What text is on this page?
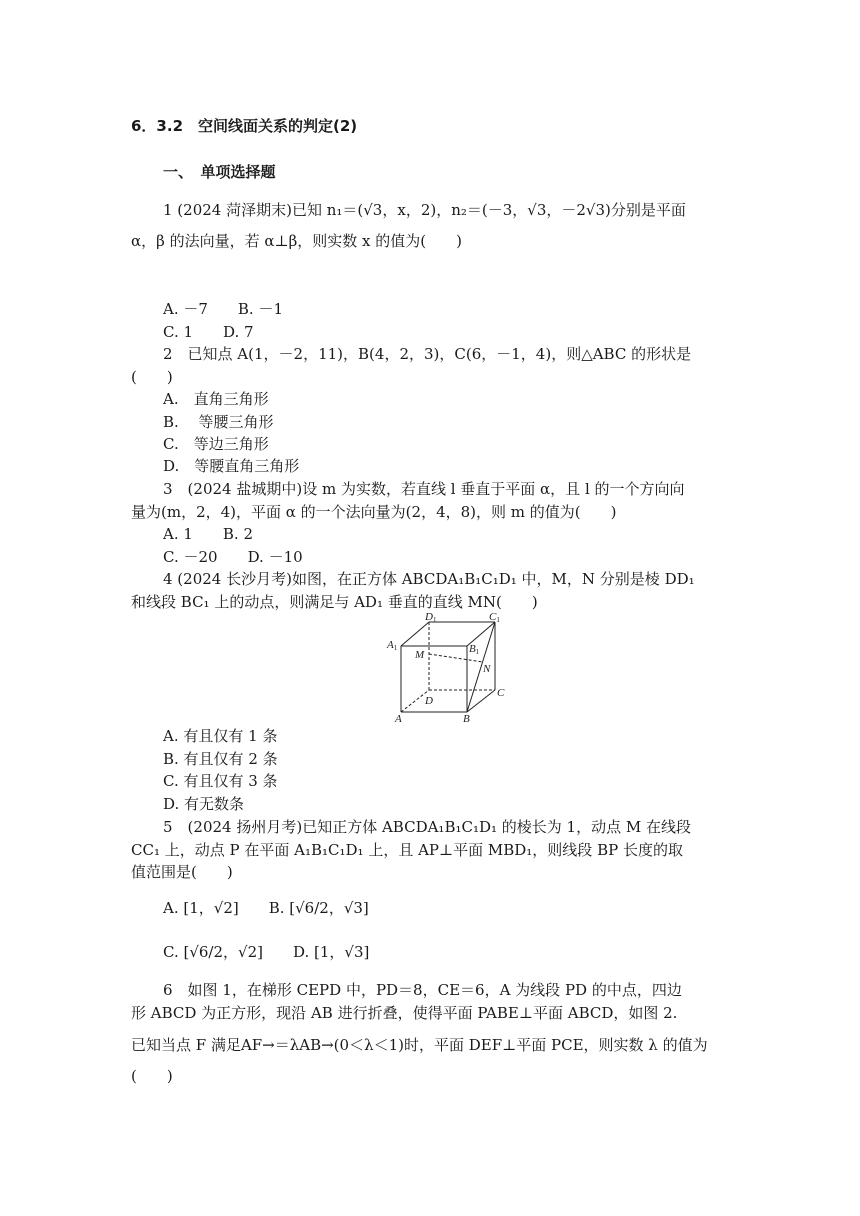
6．3.2　空间线面关系的判定(2)
一、　单项选择题
1 (2024 菏泽期末)已知 n₁＝(√3，x，2)，n₂＝(－3，√3，－2√3)分别是平面
α，β 的法向量，若 α⊥β，则实数 x 的值为(　　)
A. －7　　B. －1
C. 1　　D. 7
2　已知点 A(1，－2，11)，B(4，2，3)，C(6，－1，4)，则△ABC 的形状是
(　　)
A.　直角三角形
B.　 等腰三角形
C.　等边三角形
D.　等腰直角三角形
3　(2024 盐城期中)设 m 为实数，若直线 l 垂直于平面 α，且 l 的一个方向向
量为(m，2，4)，平面 α 的一个法向量为(2，4，8)，则 m 的值为(　　)
A. 1　　B. 2
C. －20　　D. －10
4 (2024 长沙月考)如图，在正方体 ABCDA₁B₁C₁D₁ 中，M，N 分别是棱 DD₁
和线段 BC₁ 上的动点，则满足与 AD₁ 垂直的直线 MN(　　)
A1
D1	C1
B1
M
N
C
D
A	B
A. 有且仅有 1 条
B. 有且仅有 2 条
C. 有且仅有 3 条
D. 有无数条
5　(2024 扬州月考)已知正方体 ABCDA₁B₁C₁D₁ 的棱长为 1，动点 M 在线段
CC₁ 上，动点 P 在平面 A₁B₁C₁D₁ 上，且 AP⊥平面 MBD₁，则线段 BP 长度的取
值范围是(　　)
A. [1，√2]　　B. [√6/2，√3]
C. [√6/2，√2]　　D. [1，√3]
6　如图 1，在梯形 CEPD 中，PD＝8，CE＝6，A 为线段 PD 的中点，四边
形 ABCD 为正方形，现沿 AB 进行折叠，使得平面 PABE⊥平面 ABCD，如图 2.
已知当点 F 满足AF→＝λAB→(0＜λ＜1)时，平面 DEF⊥平面 PCE，则实数 λ 的值为
(　　)
